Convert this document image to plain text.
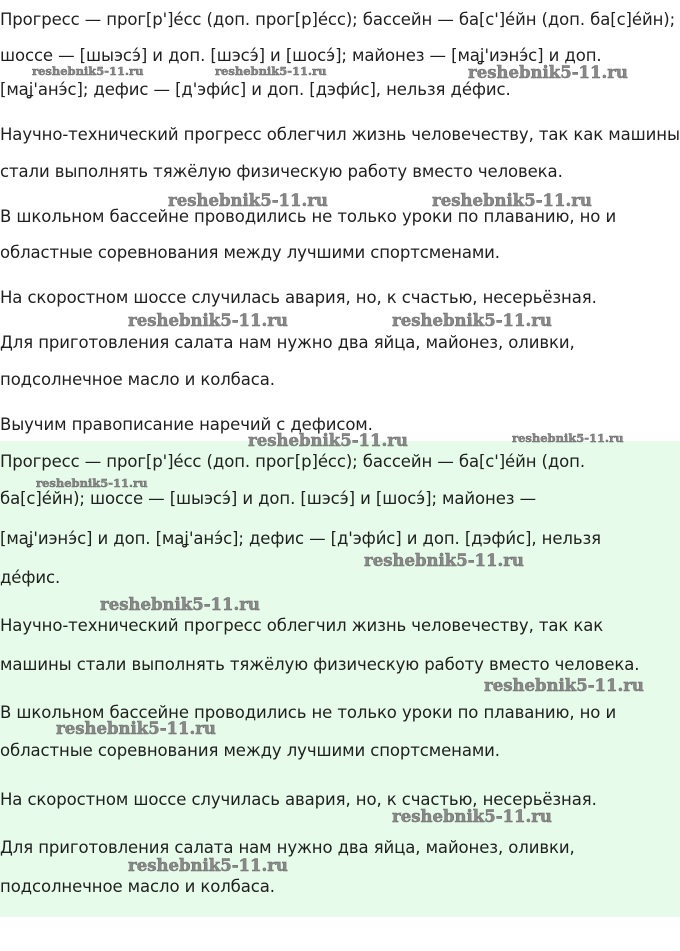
Прогресс — прог[р']е́сс (доп. прог[р]е́сс); бассейн — ба[с']е́йн (доп. ба[с]е́йн);
шоссе — [шыэсэ́] и доп. [шэсэ́] и [шосэ́]; майонез — [маʝ'иэнэ́с] и доп.
[маʝ'анэ́с]; дефис — [д'эфи́с] и доп. [дэфи́с], нельзя де́фис.
Научно-технический прогресс облегчил жизнь человечеству, так как машины
стали выполнять тяжёлую физическую работу вместо человека.
В школьном бассейне проводились не только уроки по плаванию, но и
областные соревнования между лучшими спортсменами.
На скоростном шоссе случилась авария, но, к счастью, несерьёзная.
Для приготовления салата нам нужно два яйца, майонез, оливки,
подсолнечное масло и колбаса.
Выучим правописание наречий с дефисом.
Прогресс — прог[р']е́сс (доп. прог[р]е́сс); бассейн — ба[с']е́йн (доп.
ба[с]е́йн); шоссе — [шыэсэ́] и доп. [шэсэ́] и [шосэ́]; майонез —
[маʝ'иэнэ́с] и доп. [маʝ'анэ́с]; дефис — [д'эфи́с] и доп. [дэфи́с], нельзя
де́фис.
Научно-технический прогресс облегчил жизнь человечеству, так как
машины стали выполнять тяжёлую физическую работу вместо человека.
В школьном бассейне проводились не только уроки по плаванию, но и
областные соревнования между лучшими спортсменами.
На скоростном шоссе случилась авария, но, к счастью, несерьёзная.
Для приготовления салата нам нужно два яйца, майонез, оливки,
подсолнечное масло и колбаса.
reshebnik5-11.ru	reshebnik5-11.ru	reshebnik5-11.ru
reshebnik5-11.ru	reshebnik5-11.ru
reshebnik5-11.ru	reshebnik5-11.ru
reshebnik5-11.ru	reshebnik5-11.ru
reshebnik5-11.ru
reshebnik5-11.ru
reshebnik5-11.ru
reshebnik5-11.ru
reshebnik5-11.ru
reshebnik5-11.ru
reshebnik5-11.ru
